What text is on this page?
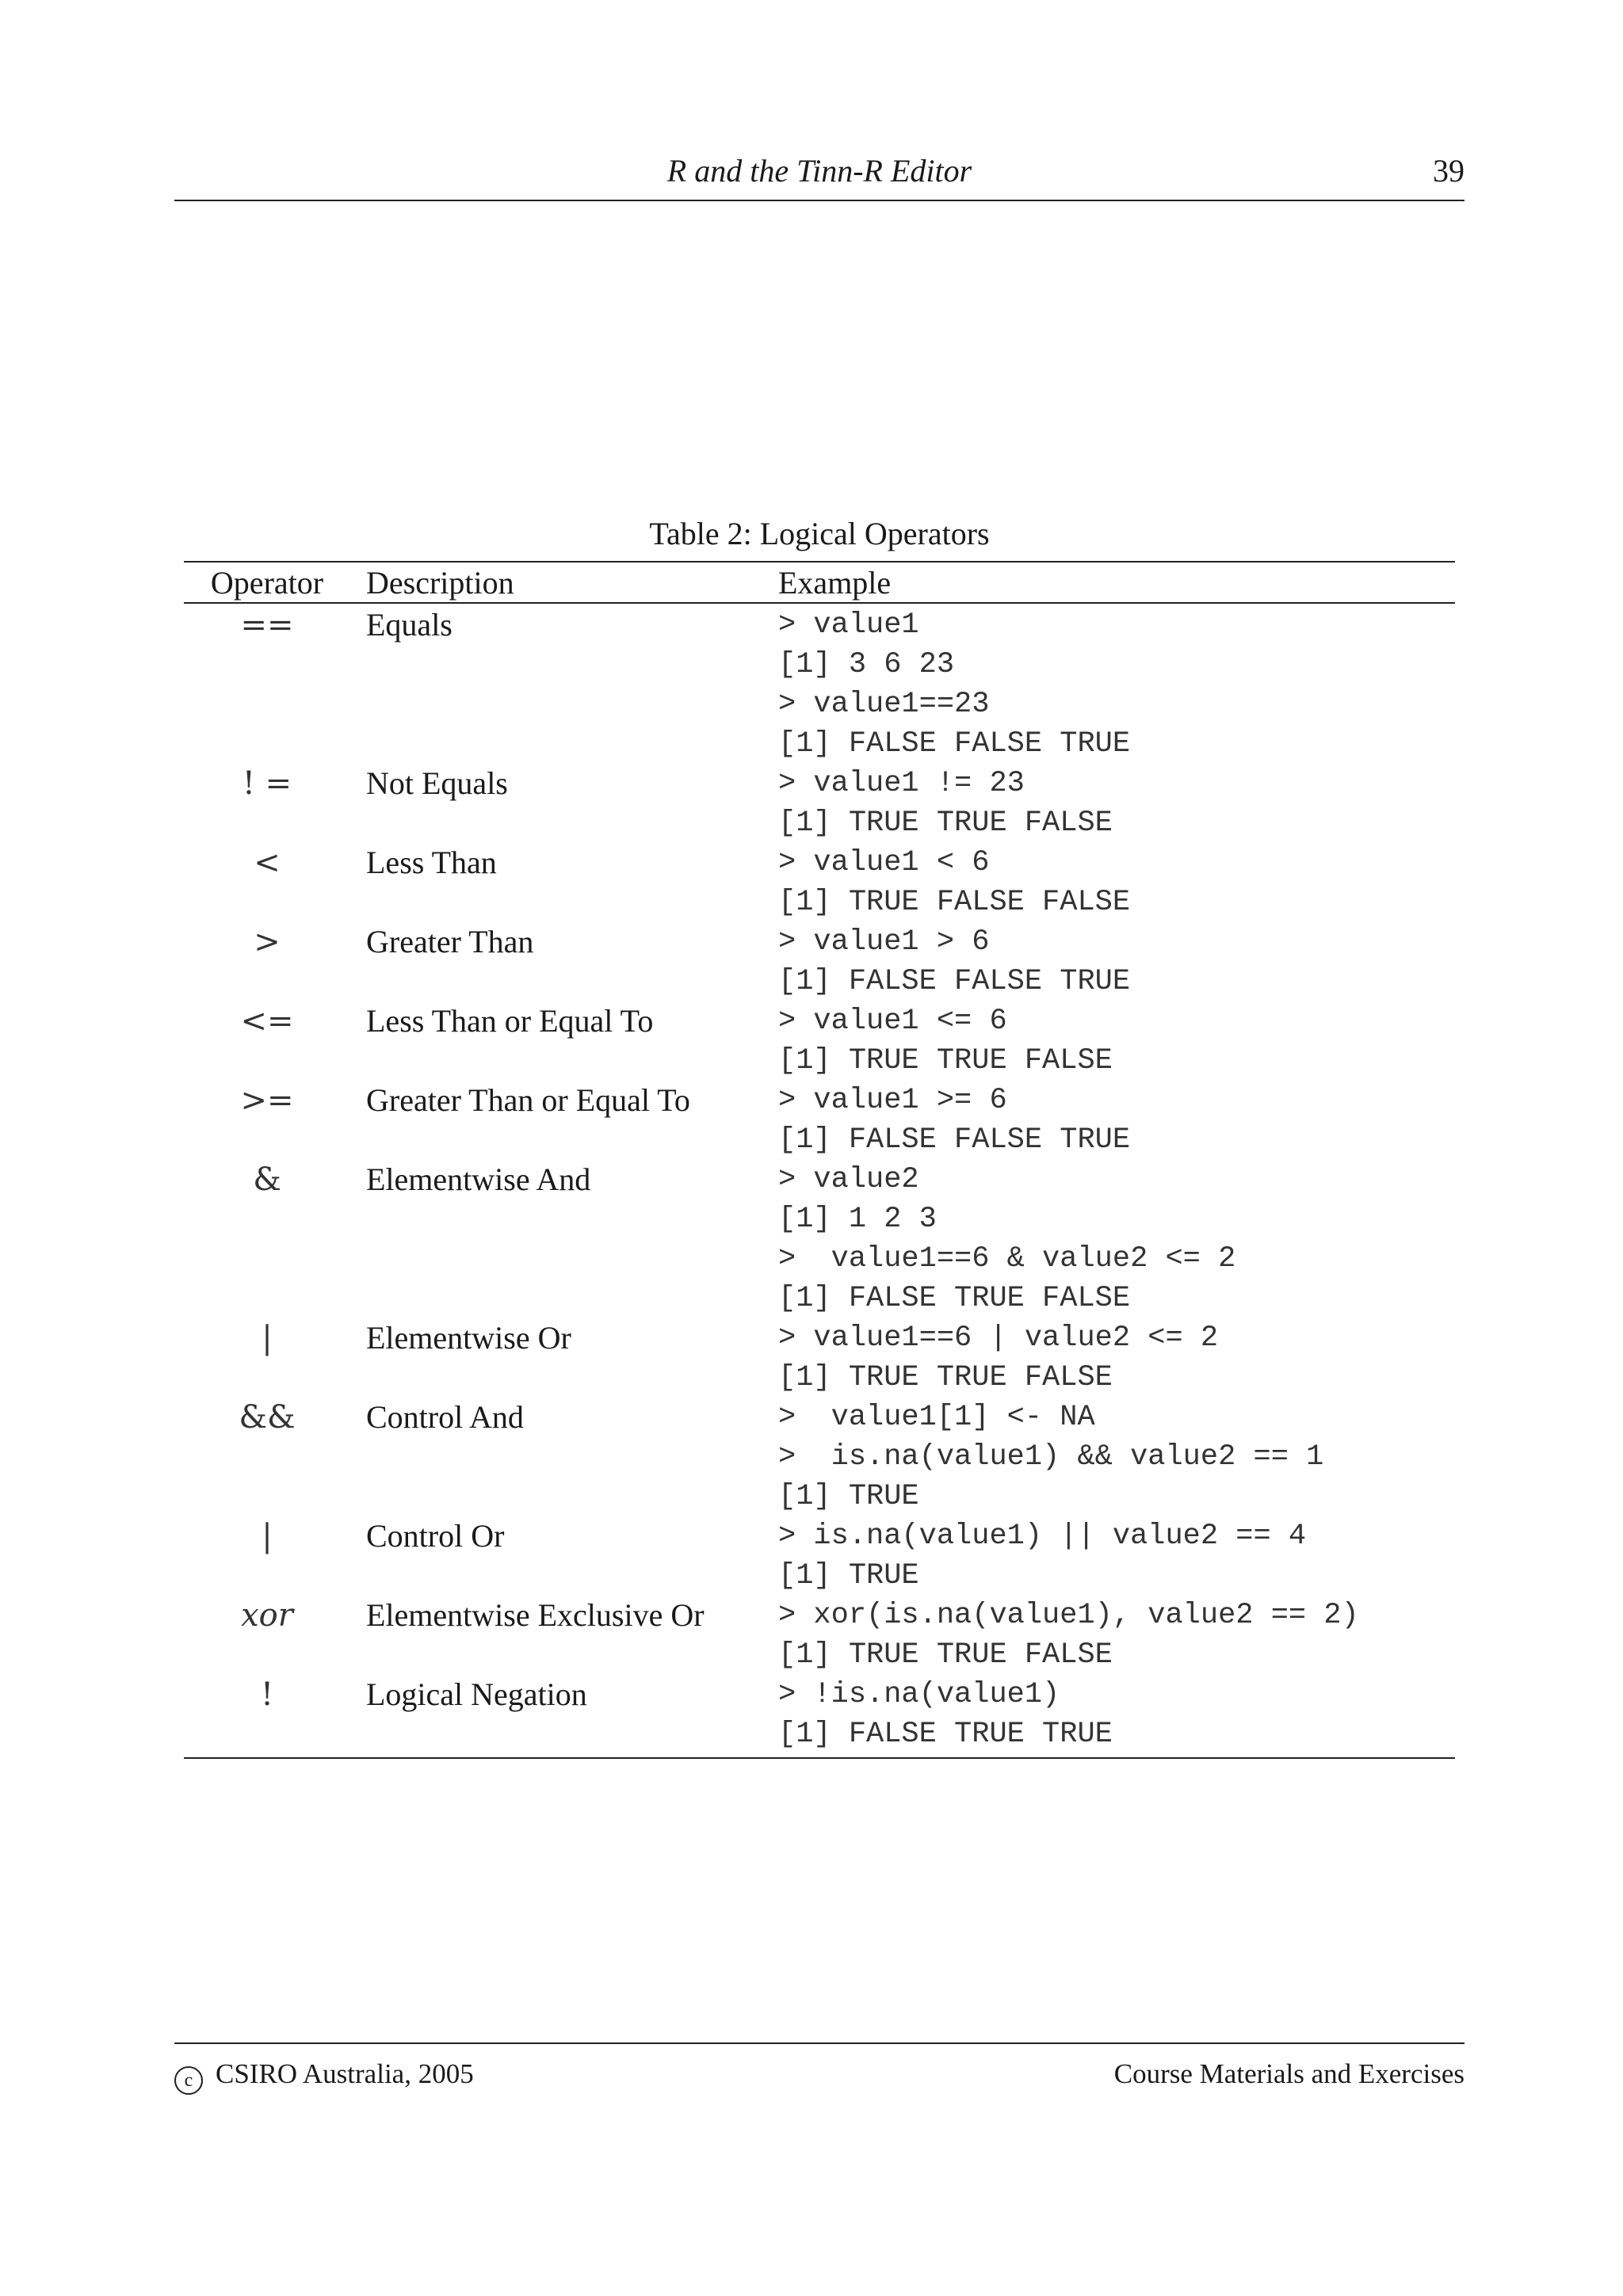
R and the Tinn-R Editor	39
Table 2: Logical Operators
Operator	Description	Example
==	Equals	> value1
[1] 3 6 23
> value1==23
[1] FALSE FALSE TRUE

! =	Not Equals	> value1 != 23
[1] TRUE TRUE FALSE

<	Less Than	> value1 < 6
[1] TRUE FALSE FALSE

>	Greater Than	> value1 > 6
[1] FALSE FALSE TRUE

<=	Less Than or Equal To	> value1 <= 6
[1] TRUE TRUE FALSE

>=	Greater Than or Equal To	> value1 >= 6
[1] FALSE FALSE TRUE

&	Elementwise And	> value2
[1] 1 2 3
>  value1==6 & value2 <= 2
[1] FALSE TRUE FALSE

|	Elementwise Or	> value1==6 | value2 <= 2
[1] TRUE TRUE FALSE

&&	Control And	>  value1[1] <- NA
>  is.na(value1) && value2 == 1
[1] TRUE

|	Control Or	> is.na(value1) || value2 == 4
[1] TRUE

xor	Elementwise Exclusive Or	> xor(is.na(value1), value2 == 2)
[1] TRUE TRUE FALSE

!	Logical Negation	> !is.na(value1)
[1] FALSE TRUE TRUE
c CSIRO Australia, 2005	Course Materials and Exercises
